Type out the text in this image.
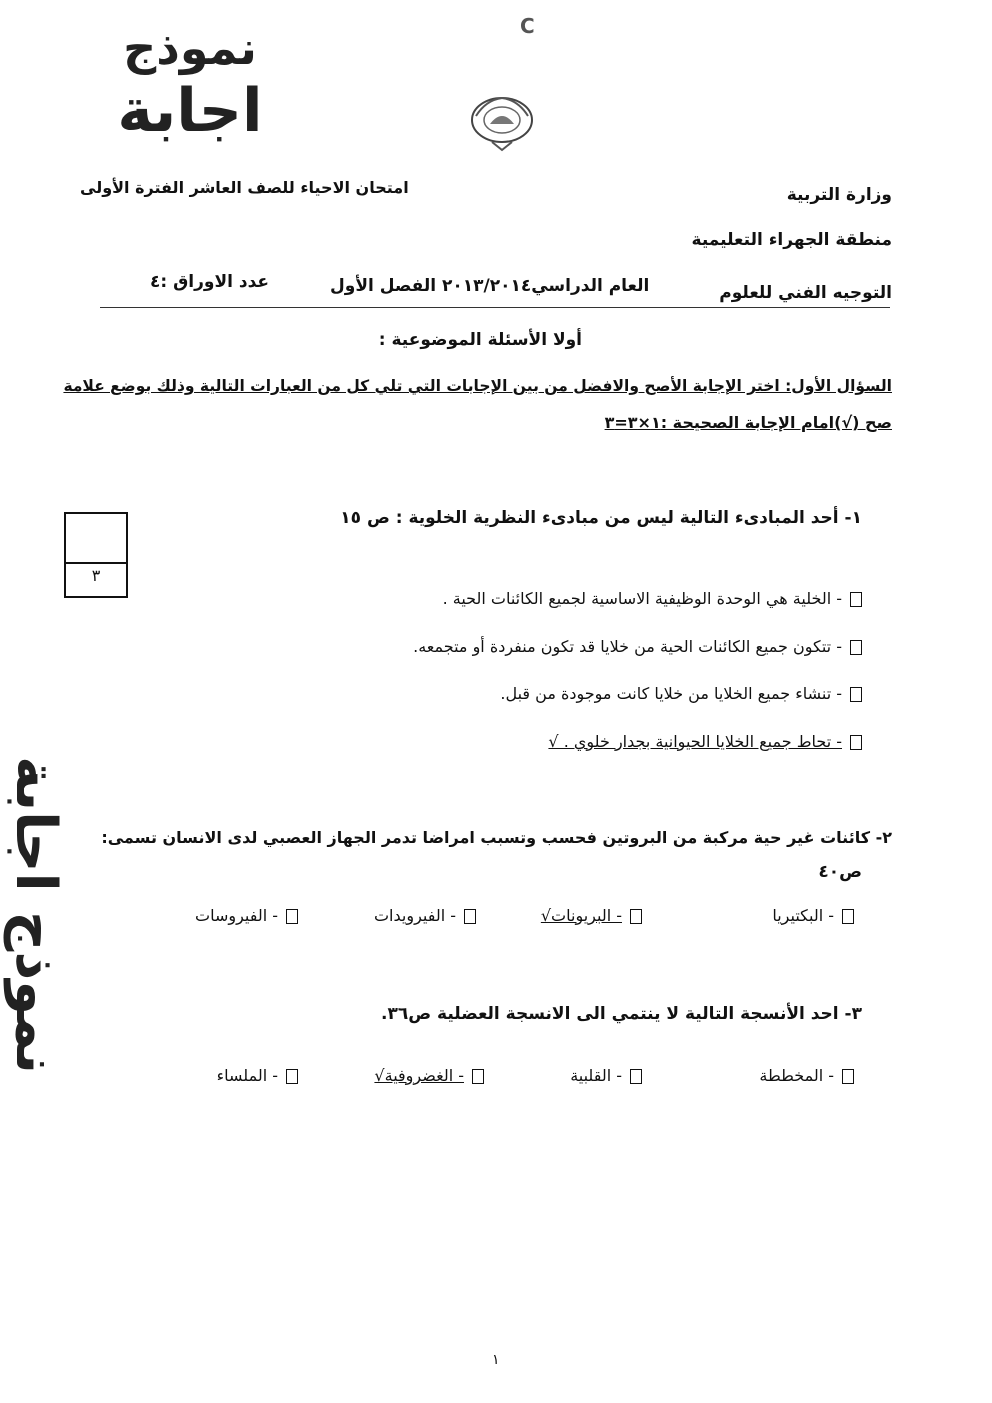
نموذج
اجابة
C
وزارة التربية
امتحان الاحياء للصف العاشر الفترة الأولى
منطقة الجهراء التعليمية
التوجيه الفني للعلوم
العام الدراسي٢٠١٣/٢٠١٤ الفصل الأول
عدد الاوراق :٤
أولا الأسئلة الموضوعية :
السؤال الأول: اختر الإجابة الأصح والافضل من بين الإجابات التي تلي كل من العبارات التالية وذلك بوضع علامة
صح (√)امام الإجابة الصحيحة :١×٣=٣
٣
١- أحد المبادىء التالية ليس من مبادىء النظرية الخلوية : ص ١٥
- الخلية هي الوحدة الوظيفية الاساسية لجميع الكائنات الحية .
- تتكون جميع الكائنات الحية من خلايا قد تكون منفردة أو متجمعه.
- تنشاء جميع الخلايا من خلايا كانت موجودة من قبل.
- تحاط جميع الخلايا الحيوانية بجدار خلوي . √
٢- كائنات غير حية مركبة من البروتين فحسب وتسبب امراضا تدمر الجهاز العصبي لدى الانسان تسمى:
ص٤٠
- البكتيريا
- البريونات√
- الفيرويدات
- الفيروسات
٣- احد الأنسجة التالية لا ينتمي الى الانسجة العضلية ص٣٦.
- المخططة
- القلبية
- الغضروفية√
- الملساء
نموذج اجابة
١
